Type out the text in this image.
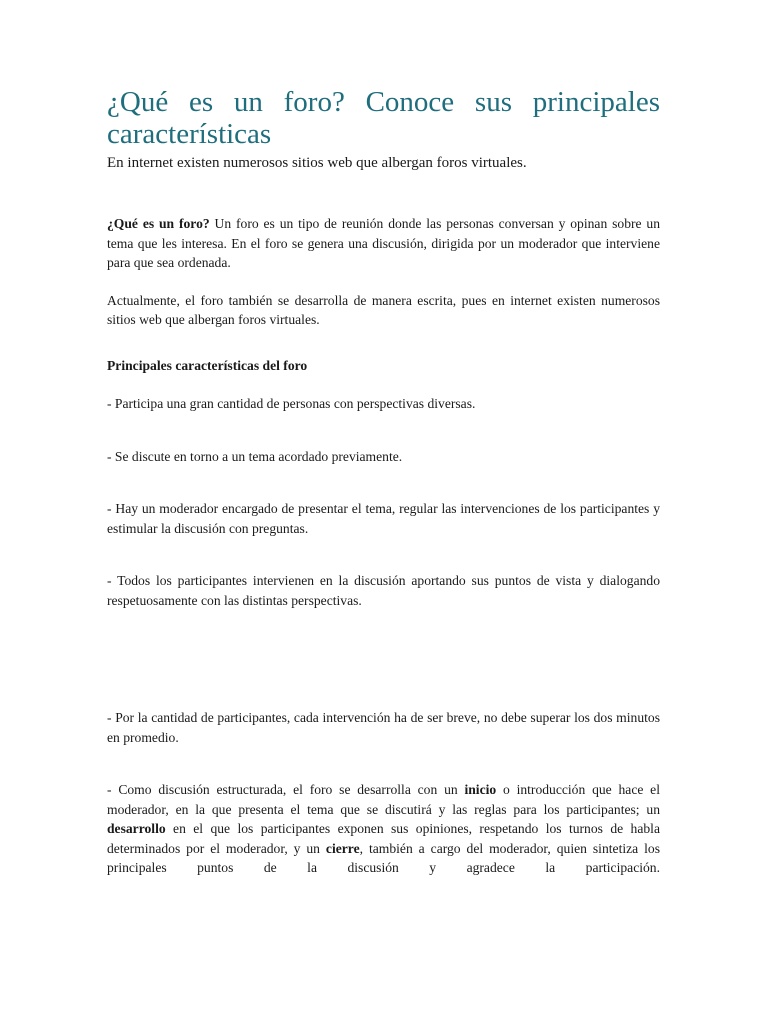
¿Qué es un foro? Conoce sus principales características
En internet existen numerosos sitios web que albergan foros virtuales.

¿Qué es un foro? Un foro es un tipo de reunión donde las personas conversan y opinan sobre un tema que les interesa. En el foro se genera una discusión, dirigida por un moderador que interviene para que sea ordenada.

Actualmente, el foro también se desarrolla de manera escrita, pues en internet existen numerosos sitios web que albergan foros virtuales.

Principales características del foro

- Participa una gran cantidad de personas con perspectivas diversas.

- Se discute en torno a un tema acordado previamente.

- Hay un moderador encargado de presentar el tema, regular las intervenciones de los participantes y estimular la discusión con preguntas.

- Todos los participantes intervienen en la discusión aportando sus puntos de vista y dialogando respetuosamente con las distintas perspectivas.

- Por la cantidad de participantes, cada intervención ha de ser breve, no debe superar los dos minutos en promedio.

- Como discusión estructurada, el foro se desarrolla con un inicio o introducción que hace el moderador, en la que presenta el tema que se discutirá y las reglas para los participantes; un desarrollo en el que los participantes exponen sus opiniones, respetando los turnos de habla determinados por el moderador, y un cierre, también a cargo del moderador, quien sintetiza los principales puntos de la discusión y agradece la participación.
